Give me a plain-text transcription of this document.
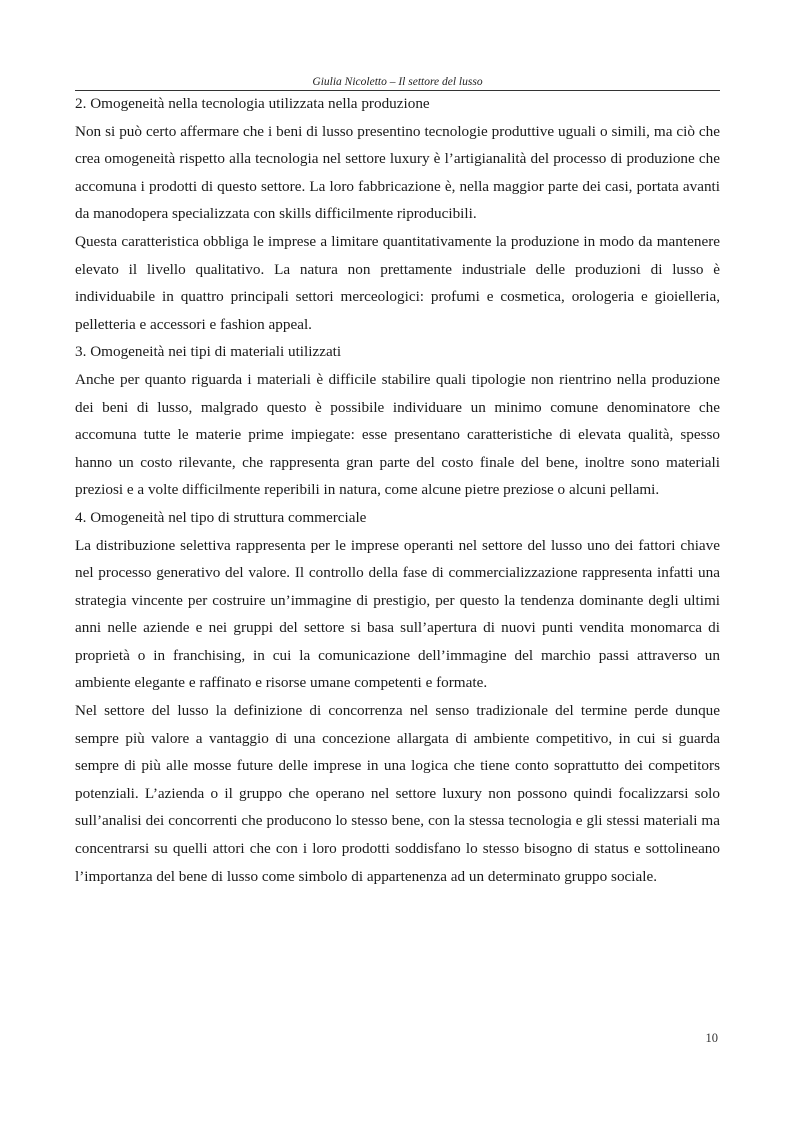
Giulia Nicoletto – Il settore del lusso

2. Omogeneità nella tecnologia utilizzata nella produzione

Non si può certo affermare che i beni di lusso presentino tecnologie produttive uguali o simili, ma ciò che crea omogeneità rispetto alla tecnologia nel settore luxury è l’artigianalità del processo di produzione che accomuna i prodotti di questo settore. La loro fabbricazione è, nella maggior parte dei casi, portata avanti da manodopera specializzata con skills difficilmente riproducibili.

Questa caratteristica obbliga le imprese a limitare quantitativamente la produzione in modo da mantenere elevato il livello qualitativo. La natura non prettamente industriale delle produzioni di lusso è individuabile in quattro principali settori merceologici: profumi e cosmetica, orologeria e gioielleria, pelletteria e accessori e fashion appeal.

3. Omogeneità nei tipi di materiali utilizzati

Anche per quanto riguarda i materiali è difficile stabilire quali tipologie non rientrino nella produzione dei beni di lusso, malgrado questo è possibile individuare un minimo comune denominatore che accomuna tutte le materie prime impiegate: esse presentano caratteristiche di elevata qualità, spesso hanno un costo rilevante, che rappresenta gran parte del costo finale del bene, inoltre sono materiali preziosi e a volte difficilmente reperibili in natura, come alcune pietre preziose o alcuni pellami.

4. Omogeneità nel tipo di struttura commerciale

La distribuzione selettiva rappresenta per le imprese operanti nel settore del lusso uno dei fattori chiave nel processo generativo del valore. Il controllo della fase di commercializzazione rappresenta infatti una strategia vincente per costruire un’immagine di prestigio, per questo la tendenza dominante degli ultimi anni nelle aziende e nei gruppi del settore si basa sull’apertura di nuovi punti vendita monomarca di proprietà o in franchising, in cui la comunicazione dell’immagine del marchio passi attraverso un ambiente elegante e raffinato e risorse umane competenti e formate.

Nel settore del lusso la definizione di concorrenza nel senso tradizionale del termine perde dunque sempre più valore a vantaggio di una concezione allargata di ambiente competitivo, in cui si guarda sempre di più alle mosse future delle imprese in una logica che tiene conto soprattutto dei competitors potenziali. L’azienda o il gruppo che operano nel settore luxury non possono quindi focalizzarsi solo sull’analisi dei concorrenti che producono lo stesso bene, con la stessa tecnologia e gli stessi materiali ma concentrarsi su quelli attori che con i loro prodotti soddisfano lo stesso bisogno di status e sottolineano l’importanza del bene di lusso come simbolo di appartenenza ad un determinato gruppo sociale.

10
